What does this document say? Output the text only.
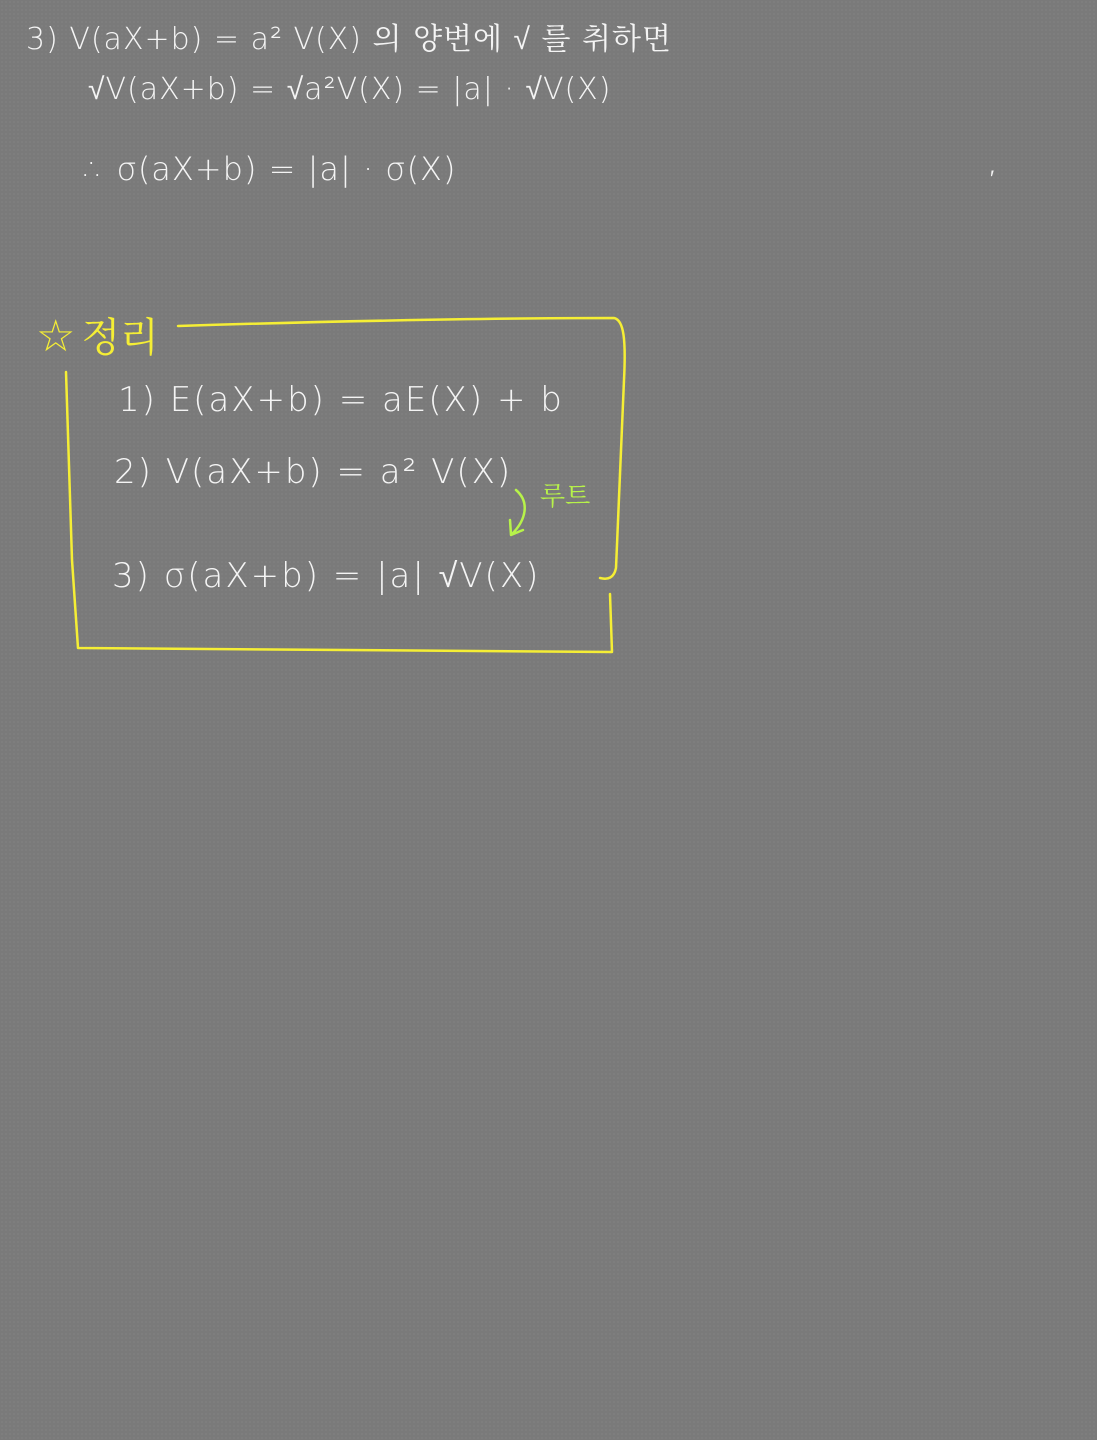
3) V(aX+b) = a² V(X) 의 양변에 √ 를 취하면

√V(aX+b) = √a²V(X) = |a| · √V(X)

∴ σ(aX+b) = |a| · σ(X)	′

☆ 정리

1) E(aX+b) = aE(X) + b

2) V(aX+b) = a² V(X)

3) σ(aX+b) = |a| √V(X)

루트
